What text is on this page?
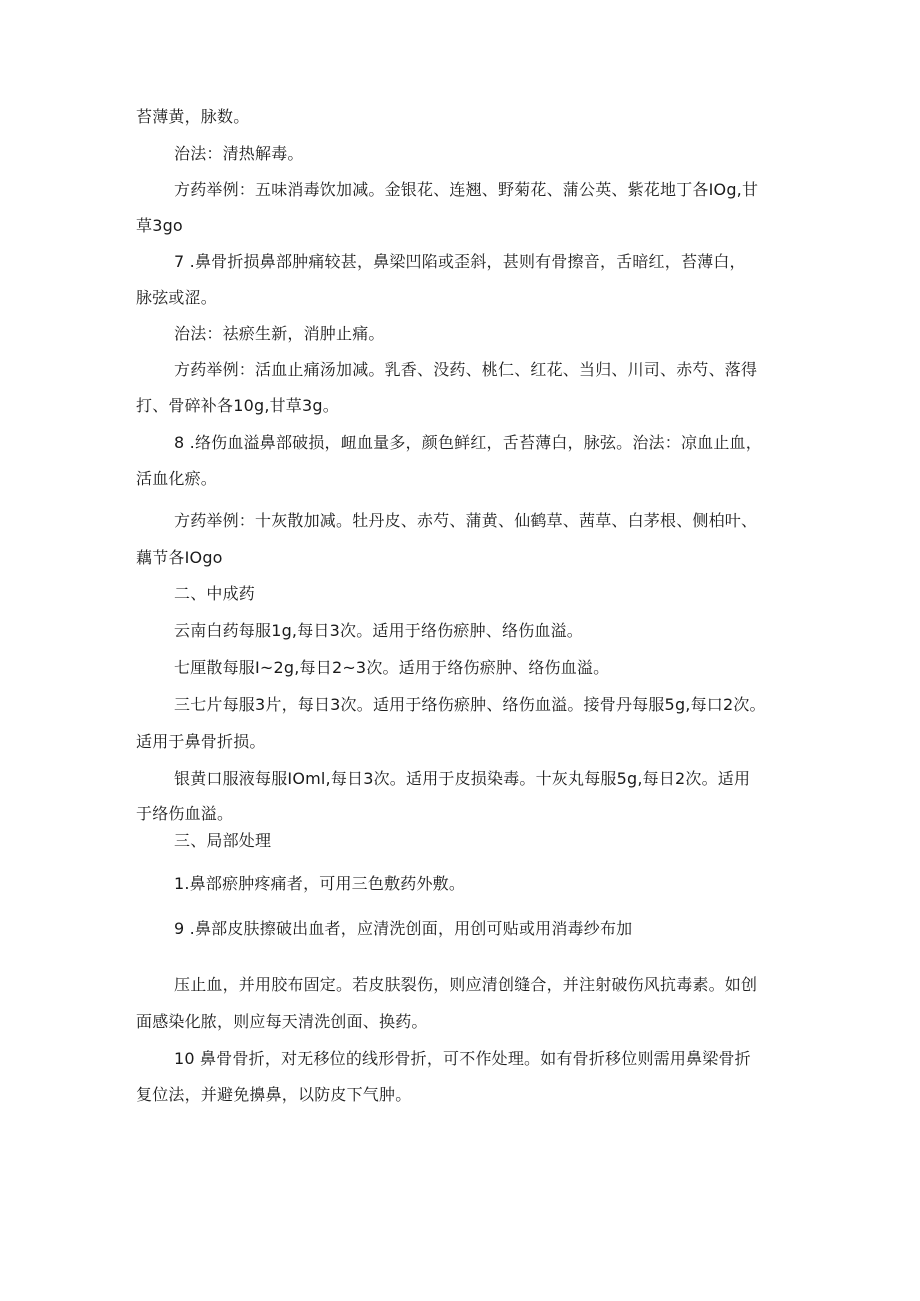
苔薄黄，脉数。

治法：清热解毒。

方药举例：五味消毒饮加减。金银花、连翘、野菊花、蒲公英、紫花地丁各IOg,甘

草3go

7 .鼻骨折损鼻部肿痛较甚，鼻梁凹陷或歪斜，甚则有骨擦音，舌暗红，苔薄白，

脉弦或涩。

治法：祛瘀生新，消肿止痛。

方药举例：活血止痛汤加减。乳香、没药、桃仁、红花、当归、川司、赤芍、落得

打、骨碎补各10g,甘草3g。

8 .络伤血溢鼻部破损，衄血量多，颜色鲜红，舌苔薄白，脉弦。治法：凉血止血，

活血化瘀。

方药举例：十灰散加减。牡丹皮、赤芍、蒲黄、仙鹤草、茜草、白茅根、侧柏叶、

藕节各IOgo

二、中成药

云南白药每服1g,每日3次。适用于络伤瘀肿、络伤血溢。

七厘散每服I~2g,每日2~3次。适用于络伤瘀肿、络伤血溢。

三七片每服3片，每日3次。适用于络伤瘀肿、络伤血溢。接骨丹每服5g,每口2次。

适用于鼻骨折损。

银黄口服液每服IOml,每日3次。适用于皮损染毒。十灰丸每服5g,每日2次。适用

于络伤血溢。

三、局部处理

1.鼻部瘀肿疼痛者，可用三色敷药外敷。

9 .鼻部皮肤擦破出血者，应清洗创面，用创可贴或用消毒纱布加

压止血，并用胶布固定。若皮肤裂伤，则应清创缝合，并注射破伤风抗毒素。如创

面感染化脓，则应每天清洗创面、换药。

10 鼻骨骨折，对无移位的线形骨折，可不作处理。如有骨折移位则需用鼻梁骨折

复位法，并避免擤鼻，以防皮下气肿。
